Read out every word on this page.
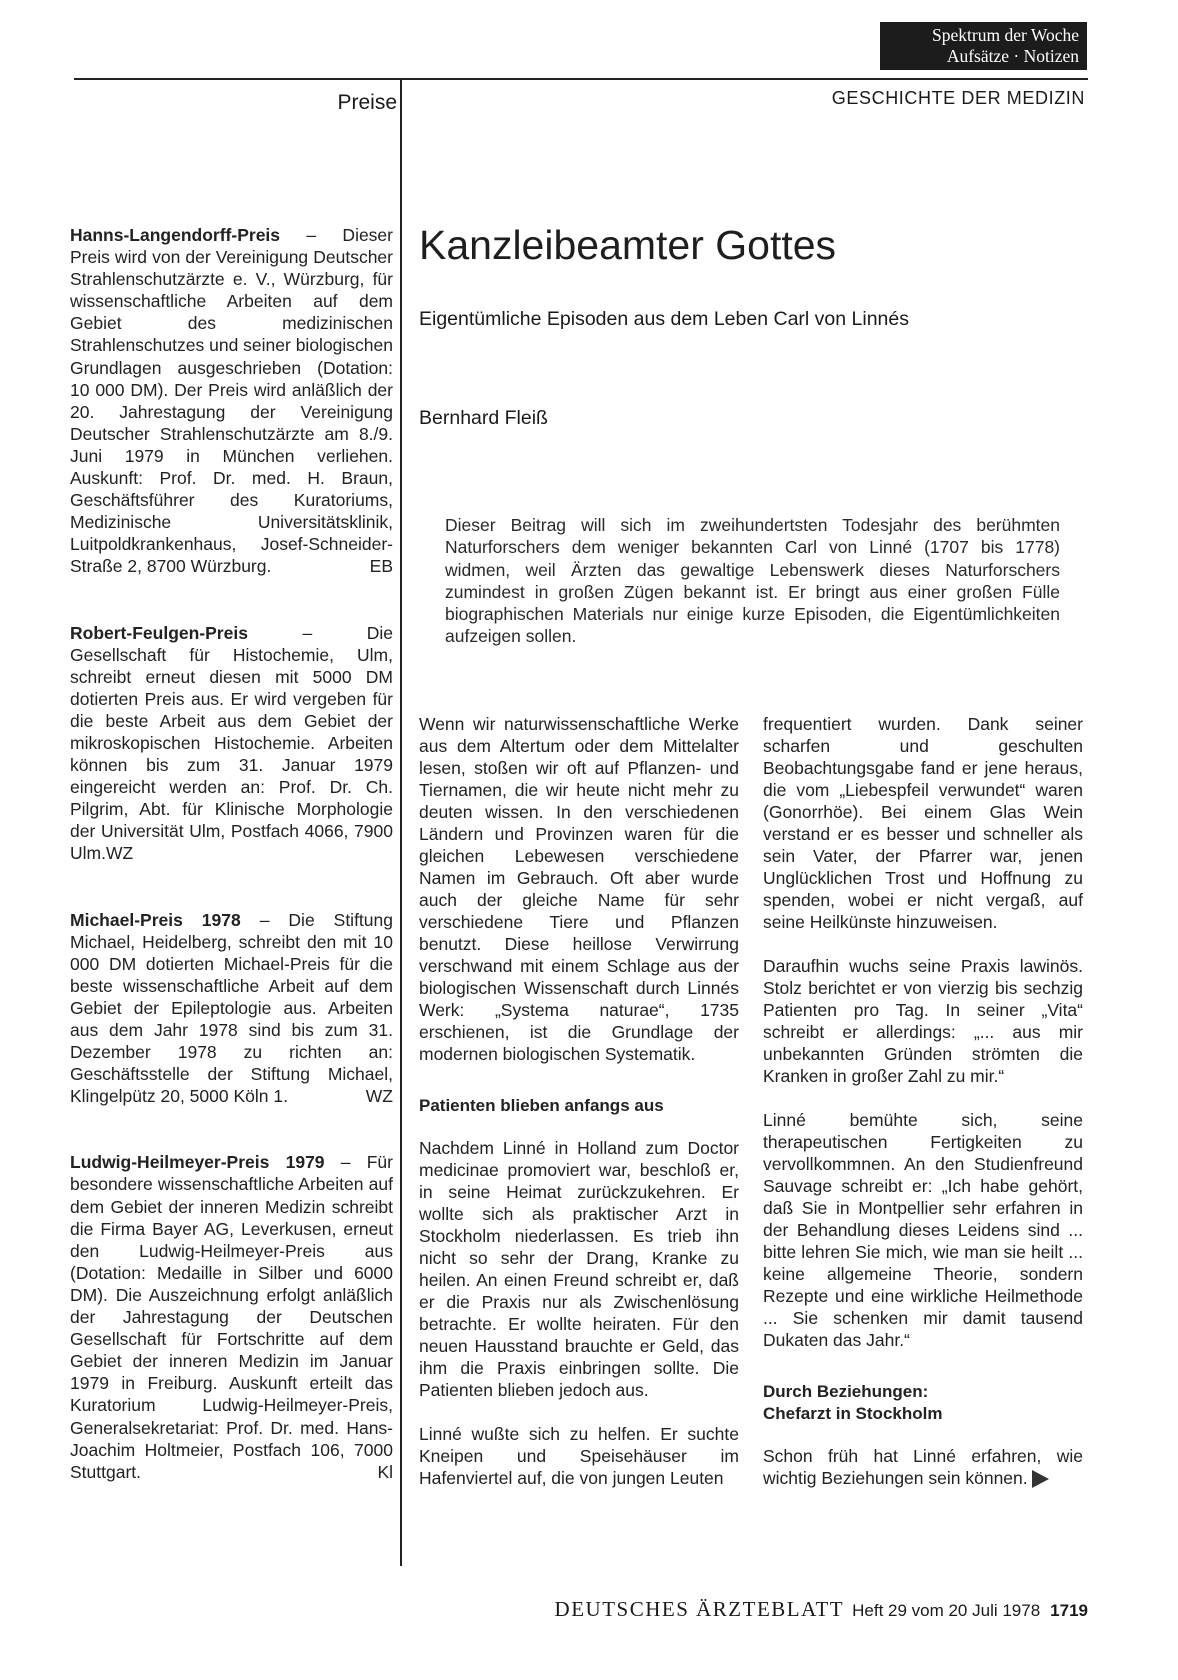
Spektrum der Woche
Aufsätze · Notizen
Preise	GESCHICHTE DER MEDIZIN
Hanns-Langendorff-Preis – Dieser Preis wird von der Vereinigung Deutscher Strahlenschutzärzte e. V., Würzburg, für wissenschaftliche Arbeiten auf dem Gebiet des medizinischen Strahlenschutzes und seiner biologischen Grundlagen ausgeschrieben (Dotation: 10 000 DM). Der Preis wird anläßlich der 20. Jahrestagung der Vereinigung Deutscher Strahlenschutzärzte am 8./9. Juni 1979 in München verliehen. Auskunft: Prof. Dr. med. H. Braun, Geschäftsführer des Kuratoriums, Medizinische Universitätsklinik, Luitpoldkrankenhaus, Josef-Schneider-Straße 2, 8700 Würzburg.	EB
Robert-Feulgen-Preis – Die Gesellschaft für Histochemie, Ulm, schreibt erneut diesen mit 5000 DM dotierten Preis aus. Er wird vergeben für die beste Arbeit aus dem Gebiet der mikroskopischen Histochemie. Arbeiten können bis zum 31. Januar 1979 eingereicht werden an: Prof. Dr. Ch. Pilgrim, Abt. für Klinische Morphologie der Universität Ulm, Postfach 4066, 7900 Ulm.WZ
Michael-Preis 1978 – Die Stiftung Michael, Heidelberg, schreibt den mit 10 000 DM dotierten Michael-Preis für die beste wissenschaftliche Arbeit auf dem Gebiet der Epileptologie aus. Arbeiten aus dem Jahr 1978 sind bis zum 31. Dezember 1978 zu richten an: Geschäftsstelle der Stiftung Michael, Klingelpütz 20, 5000 Köln 1.	WZ
Ludwig-Heilmeyer-Preis 1979 – Für besondere wissenschaftliche Arbeiten auf dem Gebiet der inneren Medizin schreibt die Firma Bayer AG, Leverkusen, erneut den Ludwig-Heilmeyer-Preis aus (Dotation: Medaille in Silber und 6000 DM). Die Auszeichnung erfolgt anläßlich der Jahrestagung der Deutschen Gesellschaft für Fortschritte auf dem Gebiet der inneren Medizin im Januar 1979 in Freiburg. Auskunft erteilt das Kuratorium Ludwig-Heilmeyer-Preis, Generalsekretariat: Prof. Dr. med. Hans-Joachim Holtmeier, Postfach 106, 7000 Stuttgart.	Kl
Kanzleibeamter Gottes
Eigentümliche Episoden aus dem Leben Carl von Linnés
Bernhard Fleiß
Dieser Beitrag will sich im zweihundertsten Todesjahr des berühmten Naturforschers dem weniger bekannten Carl von Linné (1707 bis 1778) widmen, weil Ärzten das gewaltige Lebenswerk dieses Naturforschers zumindest in großen Zügen bekannt ist. Er bringt aus einer großen Fülle biographischen Materials nur einige kurze Episoden, die Eigentümlichkeiten aufzeigen sollen.

Wenn wir naturwissenschaftliche Werke aus dem Altertum oder dem Mittelalter lesen, stoßen wir oft auf Pflanzen- und Tiernamen, die wir heute nicht mehr zu deuten wissen. In den verschiedenen Ländern und Provinzen waren für die gleichen Lebewesen verschiedene Namen im Gebrauch. Oft aber wurde auch der gleiche Name für sehr verschiedene Tiere und Pflanzen benutzt. Diese heillose Verwirrung verschwand mit einem Schlage aus der biologischen Wissenschaft durch Linnés Werk: „Systema naturae“, 1735 erschienen, ist die Grundlage der modernen biologischen Systematik.

Patienten blieben anfangs aus

Nachdem Linné in Holland zum Doctor medicinae promoviert war, beschloß er, in seine Heimat zurückzukehren. Er wollte sich als praktischer Arzt in Stockholm niederlassen. Es trieb ihn nicht so sehr der Drang, Kranke zu heilen. An einen Freund schreibt er, daß er die Praxis nur als Zwischenlösung betrachte. Er wollte heiraten. Für den neuen Hausstand brauchte er Geld, das ihm die Praxis einbringen sollte. Die Patienten blieben jedoch aus.

Linné wußte sich zu helfen. Er suchte Kneipen und Speisehäuser im Hafenviertel auf, die von jungen Leuten

frequentiert wurden. Dank seiner scharfen und geschulten Beobachtungsgabe fand er jene heraus, die vom „Liebespfeil verwundet“ waren (Gonorrhöe). Bei einem Glas Wein verstand er es besser und schneller als sein Vater, der Pfarrer war, jenen Unglücklichen Trost und Hoffnung zu spenden, wobei er nicht vergaß, auf seine Heilkünste hinzuweisen.

Daraufhin wuchs seine Praxis lawinös. Stolz berichtet er von vierzig bis sechzig Patienten pro Tag. In seiner „Vita“ schreibt er allerdings: „... aus mir unbekannten Gründen strömten die Kranken in großer Zahl zu mir.“

Linné bemühte sich, seine therapeutischen Fertigkeiten zu vervollkommnen. An den Studienfreund Sauvage schreibt er: „Ich habe gehört, daß Sie in Montpellier sehr erfahren in der Behandlung dieses Leidens sind ... bitte lehren Sie mich, wie man sie heilt ... keine allgemeine Theorie, sondern Rezepte und eine wirkliche Heilmethode ... Sie schenken mir damit tausend Dukaten das Jahr.“

Durch Beziehungen:
Chefarzt in Stockholm

Schon früh hat Linné erfahren, wie wichtig Beziehungen sein können.

DEUTSCHES ÄRZTEBLATT Heft 29 vom 20 Juli 1978 1719
